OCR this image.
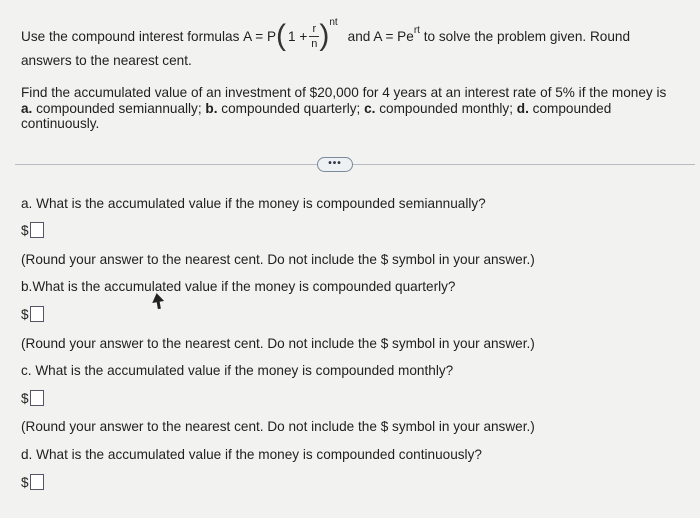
Use the compound interest formulas
A = P ( $1 + \frac{r}{n}$ ) nt
and A = Pe rt
to solve the problem given. Round
answers to the nearest cent.
Find the accumulated value of an investment of $20,000 for 4 years at an interest rate of 5% if the money is
a. compounded semiannually; b. compounded quarterly; c. compounded monthly; d. compounded
continuously.
•••
a. What is the accumulated value if the money is compounded semiannually?
$
(Round your answer to the nearest cent. Do not include the $ symbol in your answer.)
b.What is the accumulated value if the money is compounded quarterly?
$
(Round your answer to the nearest cent. Do not include the $ symbol in your answer.)
c. What is the accumulated value if the money is compounded monthly?
$
(Round your answer to the nearest cent. Do not include the $ symbol in your answer.)
d. What is the accumulated value if the money is compounded continuously?
$
